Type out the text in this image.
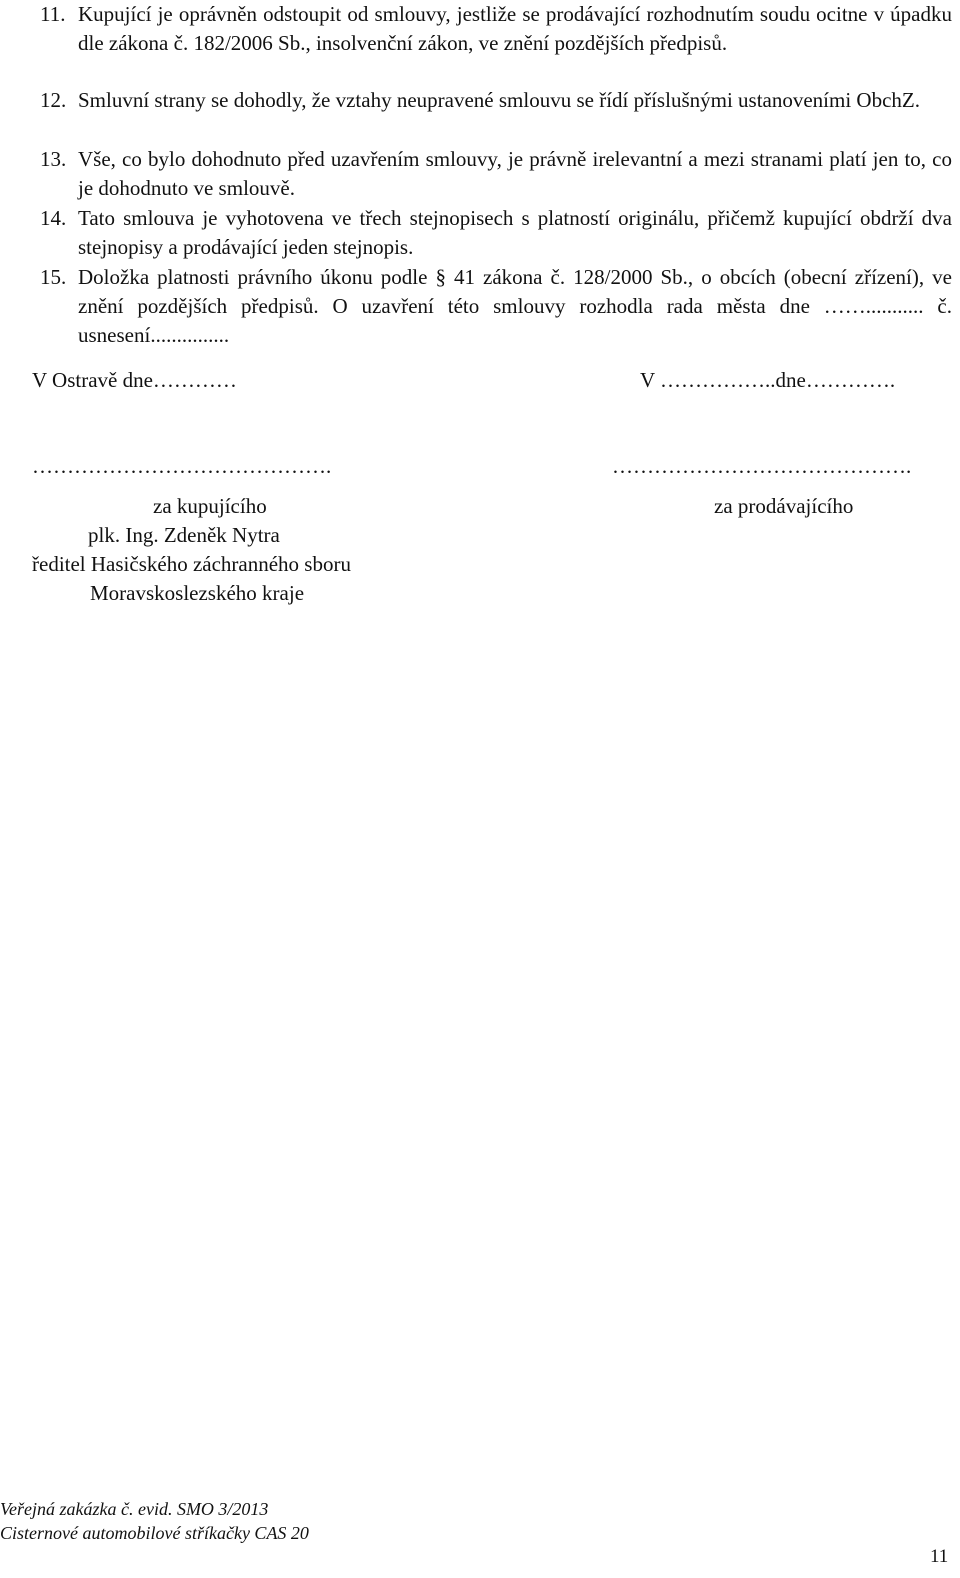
11. Kupující je oprávněn odstoupit od smlouvy, jestliže se prodávající rozhodnutím soudu ocitne v úpadku dle zákona č. 182/2006 Sb., insolvenční zákon, ve znění pozdějších předpisů.
12. Smluvní strany se dohodly, že vztahy neupravené smlouvu se řídí příslušnými ustanoveními ObchZ.
13. Vše, co bylo dohodnuto před uzavřením smlouvy, je právně irelevantní a mezi stranami platí jen to, co je dohodnuto ve smlouvě.
14. Tato smlouva je vyhotovena ve třech stejnopisech s platností originálu, přičemž kupující obdrží dva stejnopisy a prodávající jeden stejnopis.
15. Doložka platnosti právního úkonu podle § 41 zákona č. 128/2000 Sb., o obcích (obecní zřízení), ve znění pozdějších předpisů. O uzavření této smlouvy rozhodla rada města dne ……........... č. usnesení...............
V Ostravě dne…………	V ……………..dne………….
…………………………………….	…………………………………….
za kupujícího	za prodávajícího
plk. Ing. Zdeněk Nytra
ředitel Hasičského záchranného sboru
Moravskoslezského kraje
Veřejná zakázka č. evid. SMO 3/2013
Cisternové automobilové stříkačky CAS 20
11
